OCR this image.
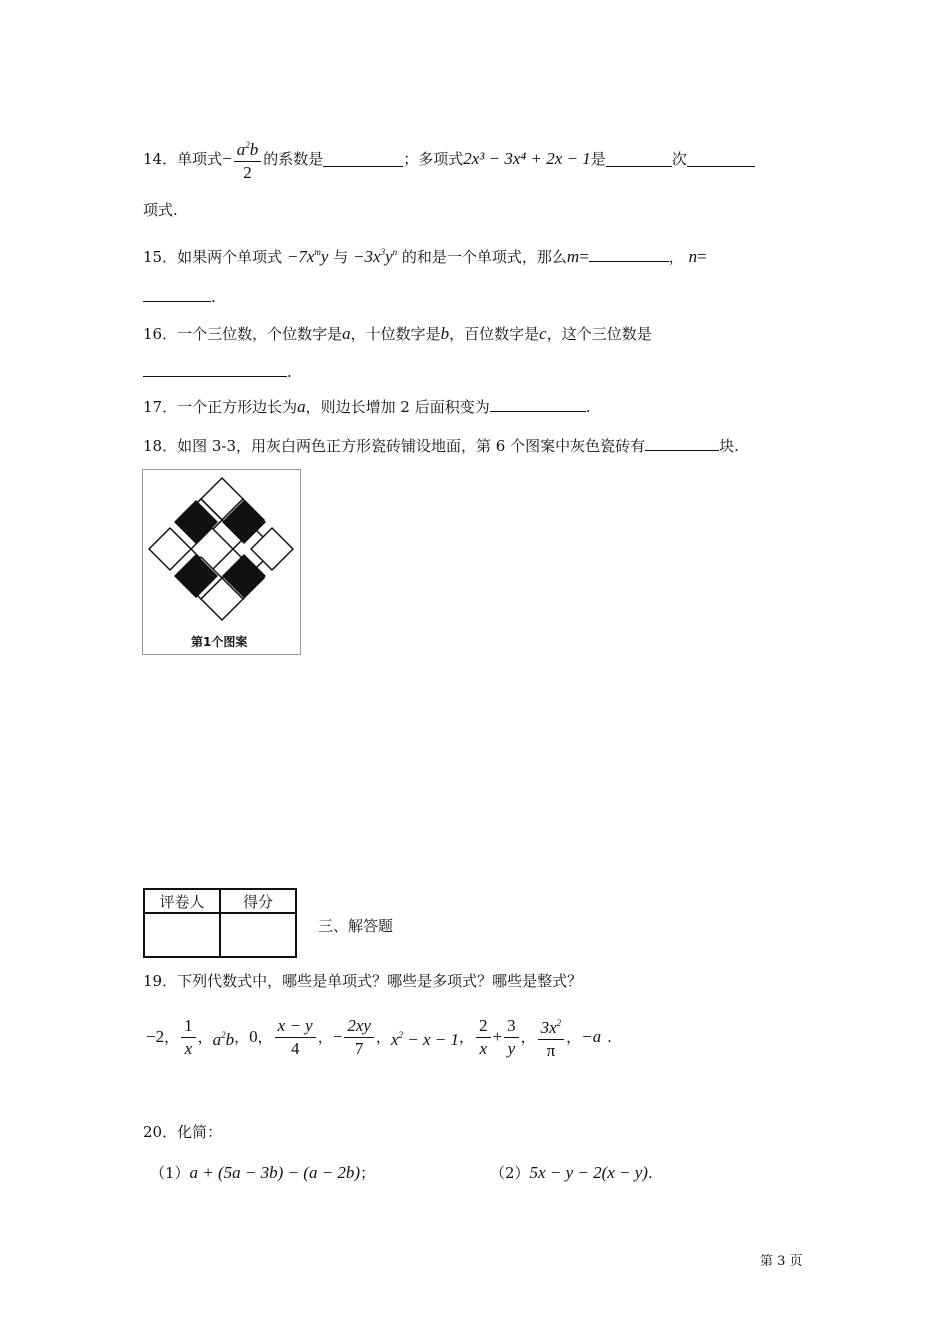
14． 单项式 − $\frac{a^2b}{2}$ 的系数是	；多项式 2x³ − 3x⁴ + 2x − 1 是	次
项式.
15．如果两个单项式 $-7x^my$ 与 $-3x^3y^n$ 的和是一个单项式，那么m=	， n=
.
16．一个三位数，个位数字是a，十位数字是b，百位数字是c，这个三位数是
.
17．一个正方形边长为a，则边长增加 2 后面积变为	.
18．如图 3-3，用灰白两色正方形瓷砖铺设地面，第 6 个图案中灰色瓷砖有	块.
第1个图案
评卷人	得分

三、解答题
19．下列代数式中，哪些是单项式？哪些是多项式？哪些是整式？
−2 ， $\frac{1}{x}$ ， $a^2b$ ， 0 ， $\frac{x - y}{4}$ ， − $\frac{2xy}{7}$ ， $x^2 - x - 1$ ， $\frac{2}{x} + \frac{3}{y}$ ， $\frac{3x^2}{\pi}$ ， −a .
20．化简：
（1）a + (5a − 3b) − (a − 2b)；	（2）5x − y − 2(x − y).
第 3 页
